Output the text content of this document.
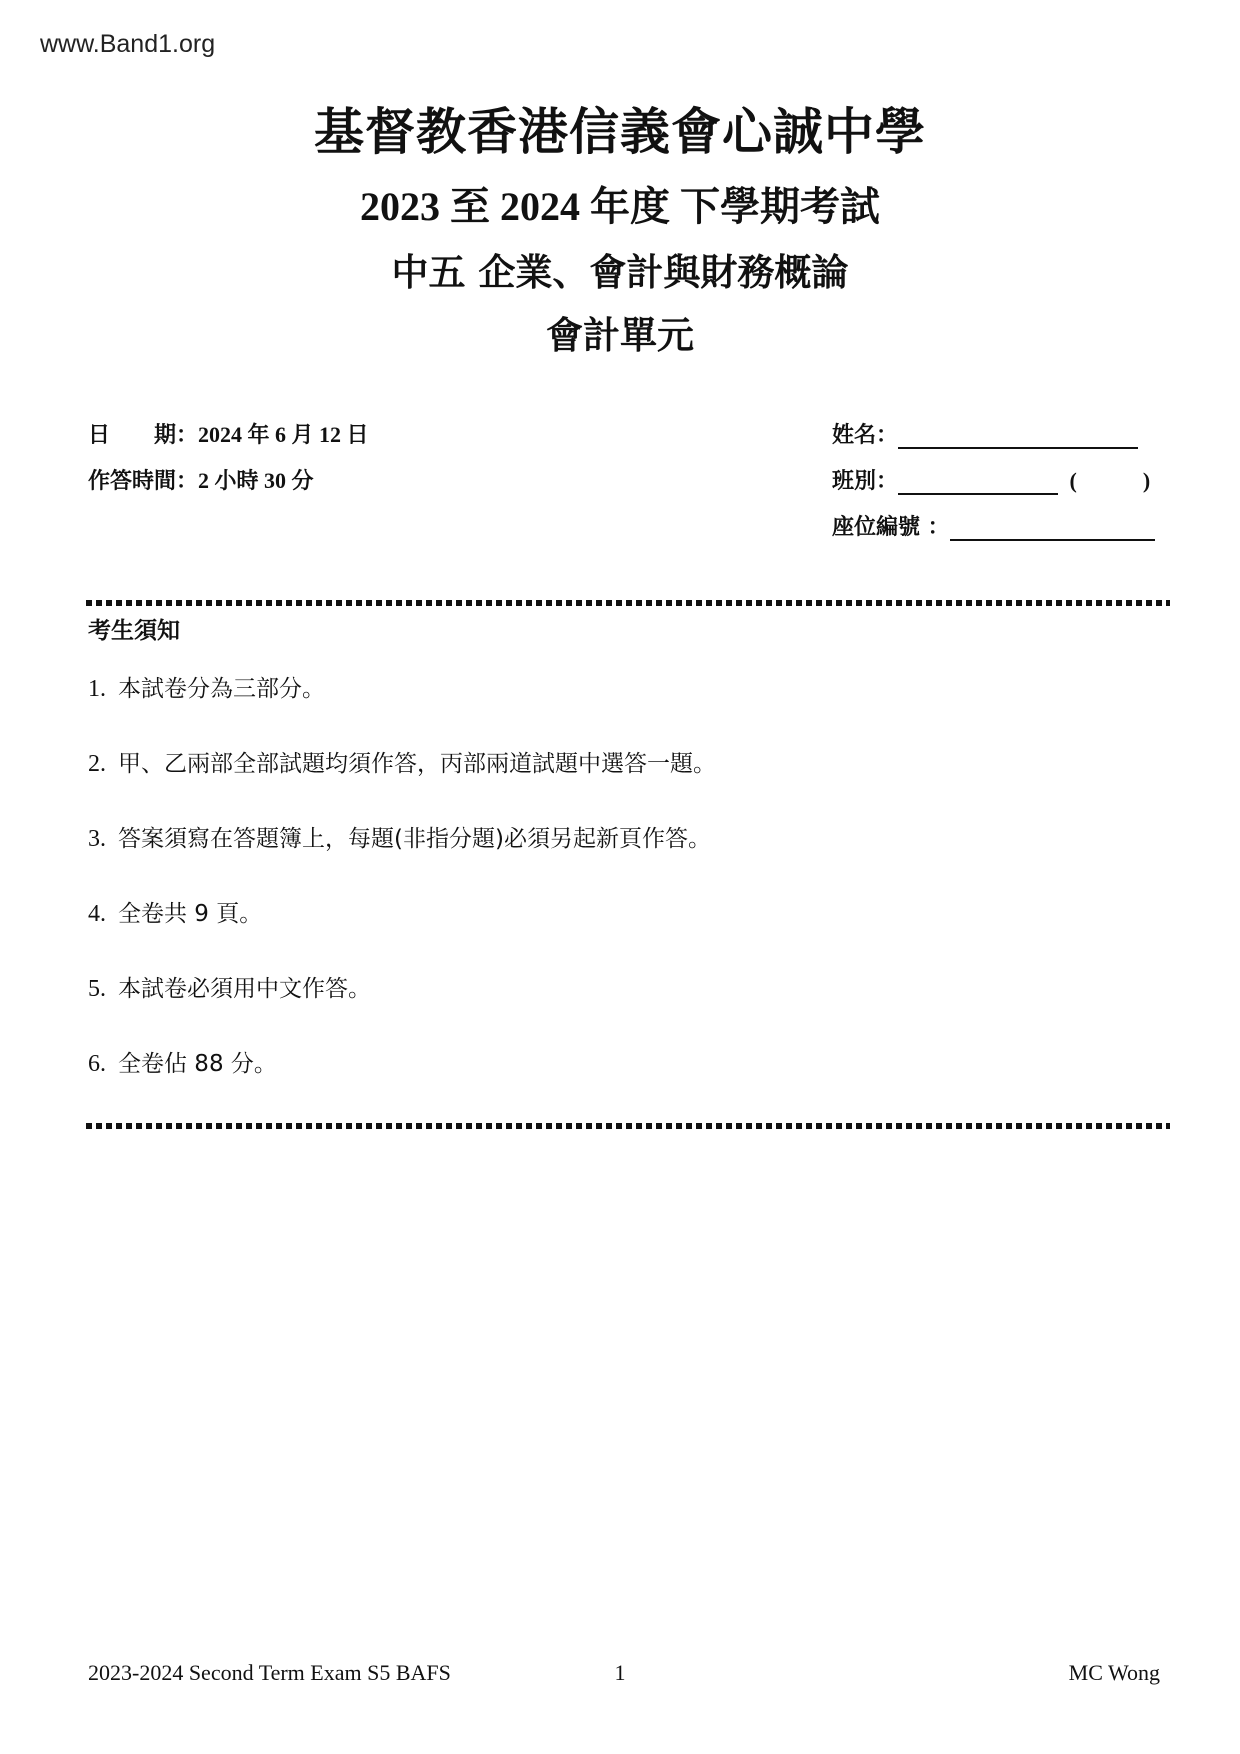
www.Band1.org
基督教香港信義會心誠中學
2023 至 2024 年度 下學期考試
中五 企業、會計與財務概論
會計單元
日　　期：2024 年 6 月 12 日
作答時間：2 小時 30 分
姓名：
班別：	(　　　)
座位編號 ：
考生須知
1. 本試卷分為三部分。
2. 甲、乙兩部全部試題均須作答，丙部兩道試題中選答一題。
3. 答案須寫在答題簿上，每題(非指分題)必須另起新頁作答。
4. 全卷共 9 頁。
5. 本試卷必須用中文作答。
6. 全卷佔 88 分。
2023-2024 Second Term Exam S5 BAFS	1	MC Wong
